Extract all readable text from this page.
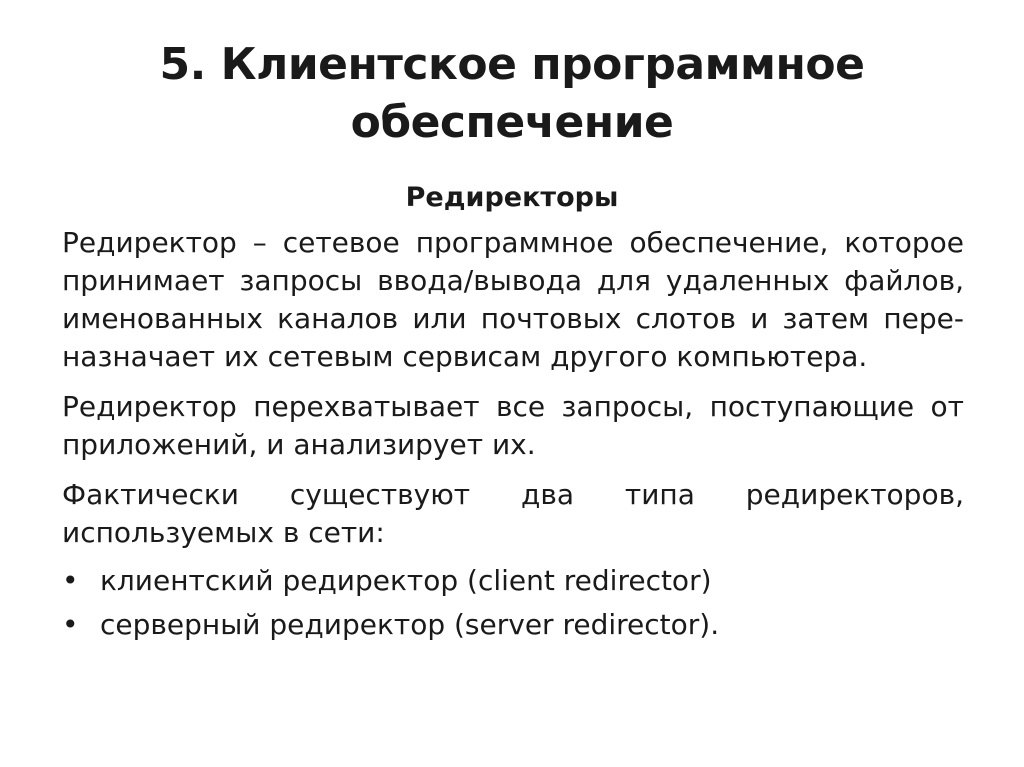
5. Клиентское программное
обеспечение
Редиректоры

Редиректор – сетевое программное обеспечение, которое принимает запросы ввода/вывода для удаленных файлов, именованных каналов или почтовых слотов и затем пере-назначает их сетевым сервисам другого компьютера.

Редиректор перехватывает все запросы, поступающие от приложений, и анализирует их.

Фактически существуют два типа редиректоров, используемых в сети:

• клиентский редиректор (client redirector)
• серверный редиректор (server redirector).
